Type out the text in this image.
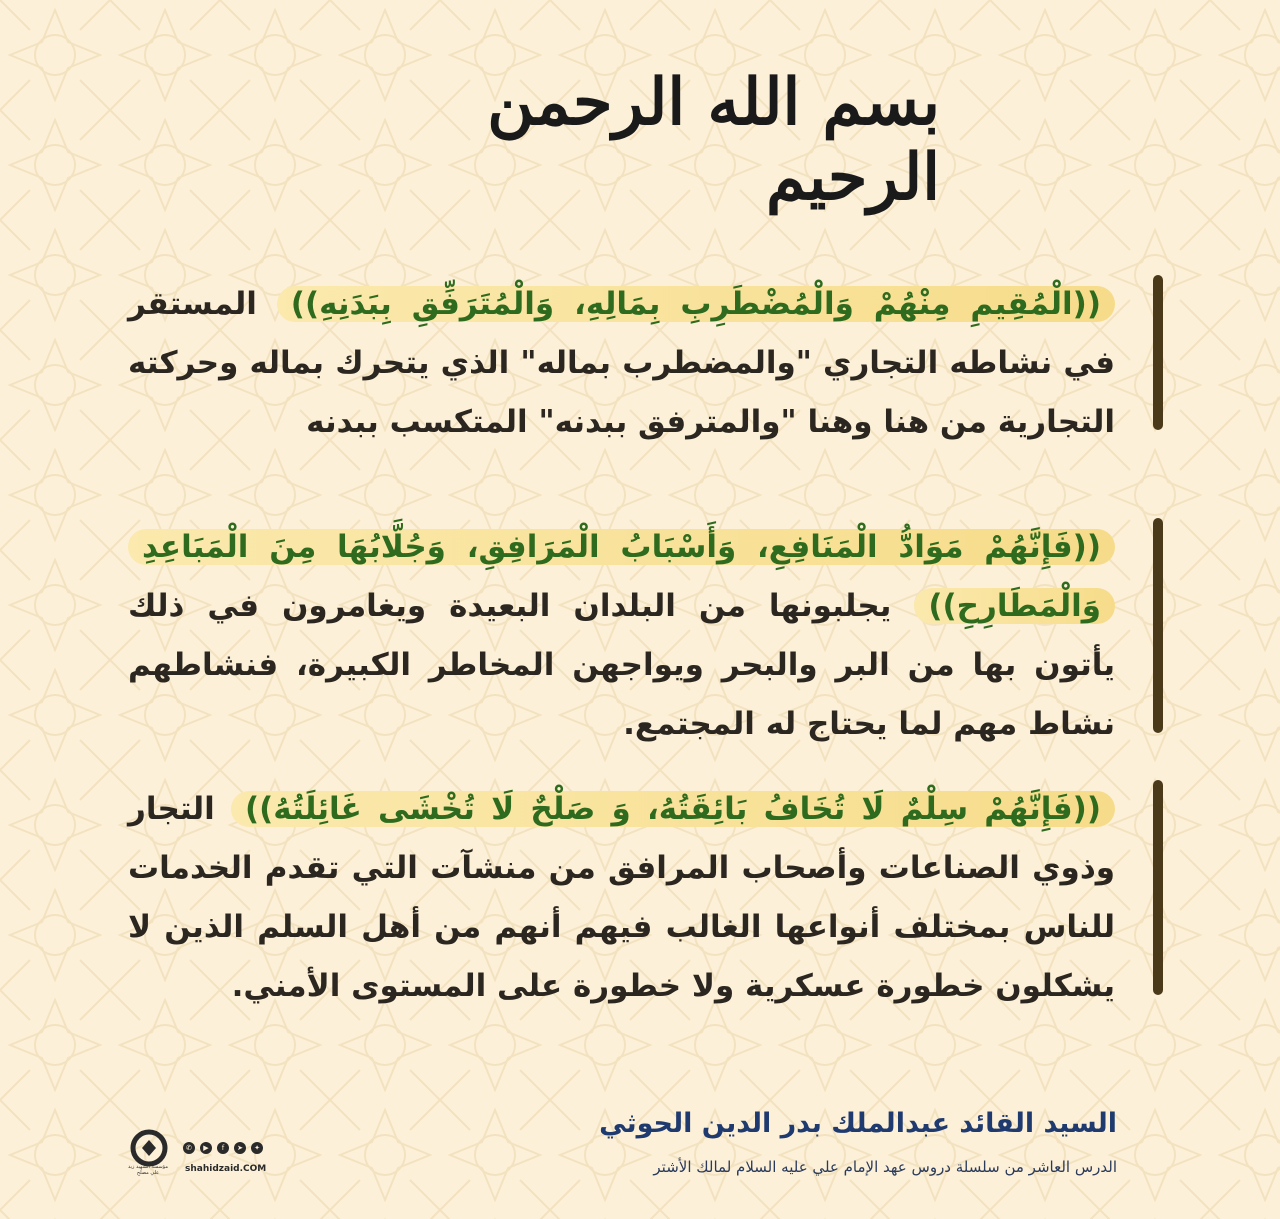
بسم الله الرحمن الرحيم
((الْمُقِيمِ مِنْهُمْ وَالْمُضْطَرِبِ بِمَالِهِ، وَالْمُتَرَفِّقِ بِبَدَنِهِ)) المستقر في نشاطه التجاري "والمضطرب بماله" الذي يتحرك بماله وحركته التجارية من هنا وهنا "والمترفق ببدنه" المتكسب ببدنه
((فَإِنَّهُمْ مَوَادُّ الْمَنَافِعِ، وَأَسْبَابُ الْمَرَافِقِ، وَجُلَّابُهَا مِنَ الْمَبَاعِدِ وَالْمَطَارِحِ)) يجلبونها من البلدان البعيدة ويغامرون في ذلك يأتون بها من البر والبحر ويواجهن المخاطر الكبيرة، فنشاطهم نشاط مهم لما يحتاج له المجتمع.
((فَإِنَّهُمْ سِلْمٌ لَا تُخَافُ بَائِقَتُهُ، وَ صَلْحٌ لَا تُخْشَى غَائِلَتُهُ)) التجار وذوي الصناعات وأصحاب المرافق من منشآت التي تقدم الخدمات للناس بمختلف أنواعها الغالب فيهم أنهم من أهل السلم الذين لا يشكلون خطورة عسكرية ولا خطورة على المستوى الأمني.
السيد القائد عبدالملك بدر الدين الحوثي
الدرس العاشر من سلسلة دروس عهد الإمام علي عليه السلام لمالك الأشتر
مؤسسة الشهيد زيد علي مصلح
✆	▶	f	➤	✦
shahidzaid.COM
